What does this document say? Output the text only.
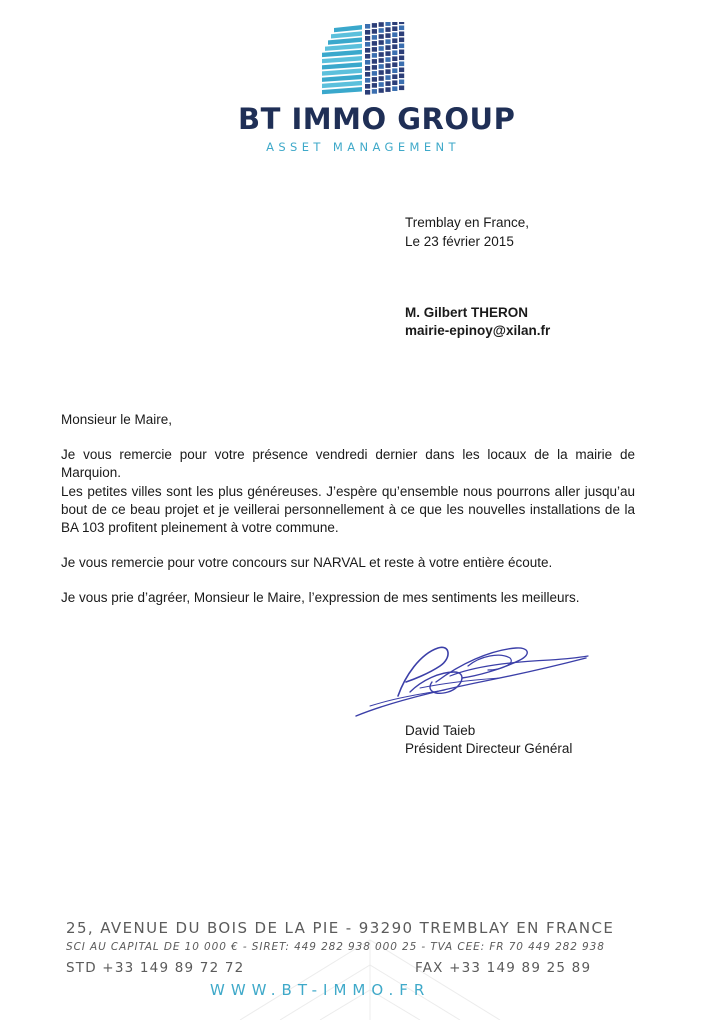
BT IMMO GROUP
ASSET MANAGEMENT
Tremblay en France,
Le 23 février 2015
M. Gilbert THERON
mairie-epinoy@xilan.fr
Monsieur le Maire,
Je vous remercie pour votre présence vendredi dernier dans les locaux de la mairie de Marquion.
Les petites villes sont les plus généreuses. J’espère qu’ensemble nous pourrons aller jusqu’au bout de ce beau projet et je veillerai personnellement à ce que les nouvelles installations de la BA 103 profitent pleinement à votre commune.
Je vous remercie pour votre concours sur NARVAL et reste à votre entière écoute.
Je vous prie d’agréer, Monsieur le Maire, l’expression de mes sentiments les meilleurs.
David Taieb
Président Directeur Général
25, AVENUE DU BOIS DE LA PIE - 93290 TREMBLAY EN FRANCE
SCI AU CAPITAL DE 10 000 € - SIRET: 449 282 938 000 25 - TVA CEE: FR 70 449 282 938
STD +33 149 89 72 72	FAX +33 149 89 25 89
WWW.BT-IMMO.FR
